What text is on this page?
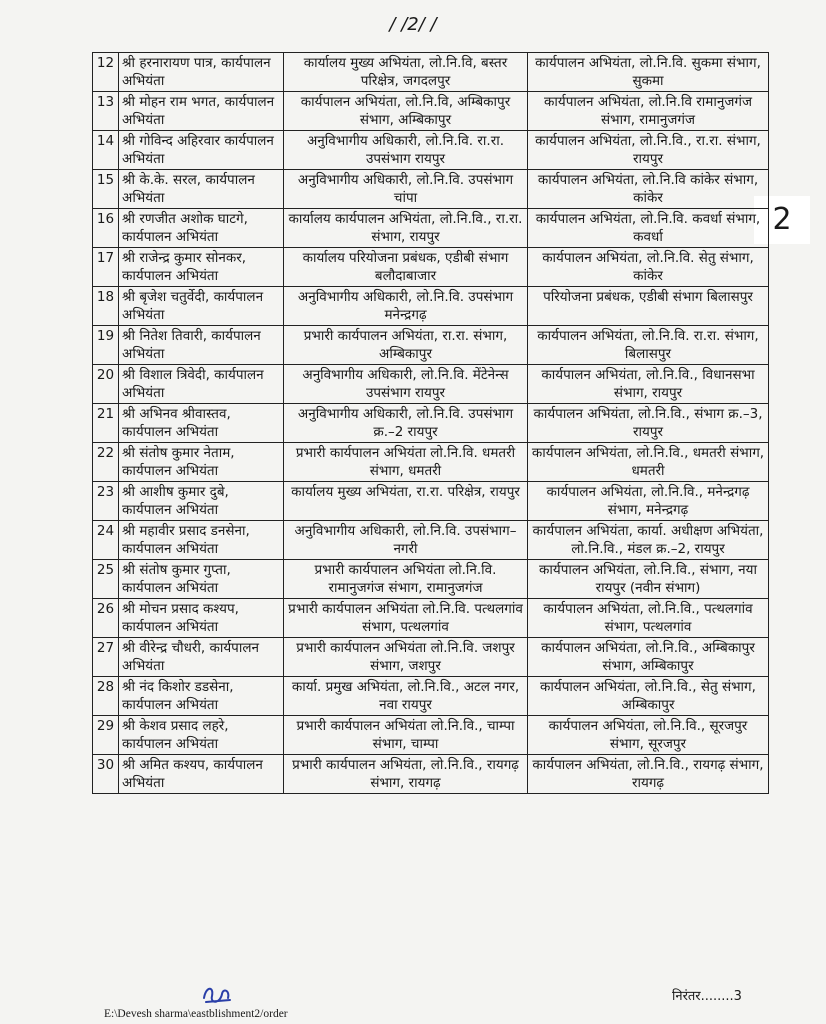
/ /2/ /
2
12	श्री हरनारायण पात्र, कार्यपालन अभियंता	कार्यालय मुख्य अभियंता, लो.नि.वि, बस्तर परिक्षेत्र, जगदलपुर	कार्यपालन अभियंता, लो.नि.वि. सुकमा संभाग, सुकमा
13	श्री मोहन राम भगत, कार्यपालन अभियंता	कार्यपालन अभियंता, लो.नि.वि, अम्बिकापुर संभाग, अम्बिकापुर	कार्यपालन अभियंता, लो.नि.वि रामानुजगंज संभाग, रामानुजगंज
14	श्री गोविन्द अहिरवार कार्यपालन अभियंता	अनुविभागीय अधिकारी, लो.नि.वि. रा.रा. उपसंभाग रायपुर	कार्यपालन अभियंता, लो.नि.वि., रा.रा. संभाग, रायपुर
15	श्री के.के. सरल, कार्यपालन अभियंता	अनुविभागीय अधिकारी, लो.नि.वि. उपसंभाग चांपा	कार्यपालन अभियंता, लो.नि.वि कांकेर संभाग, कांकेर
16	श्री रणजीत अशोक घाटगे, कार्यपालन अभियंता	कार्यालय कार्यपालन अभियंता, लो.नि.वि., रा.रा. संभाग, रायपुर	कार्यपालन अभियंता, लो.नि.वि. कवर्धा संभाग, कवर्धा
17	श्री राजेन्द्र कुमार सोनकर, कार्यपालन अभियंता	कार्यालय परियोजना प्रबंधक, एडीबी संभाग बलौदाबाजार	कार्यपालन अभियंता, लो.नि.वि. सेतु संभाग, कांकेर
18	श्री बृजेश चतुर्वेदी, कार्यपालन अभियंता	अनुविभागीय अधिकारी, लो.नि.वि. उपसंभाग मनेन्द्रगढ़	परियोजना प्रबंधक, एडीबी संभाग बिलासपुर
19	श्री नितेश तिवारी, कार्यपालन अभियंता	प्रभारी कार्यपालन अभियंता, रा.रा. संभाग, अम्बिकापुर	कार्यपालन अभियंता, लो.नि.वि. रा.रा. संभाग, बिलासपुर
20	श्री विशाल त्रिवेदी, कार्यपालन अभियंता	अनुविभागीय अधिकारी, लो.नि.वि. मेंटेनेन्स उपसंभाग रायपुर	कार्यपालन अभियंता, लो.नि.वि., विधानसभा संभाग, रायपुर
21	श्री अभिनव श्रीवास्तव, कार्यपालन अभियंता	अनुविभागीय अधिकारी, लो.नि.वि. उपसंभाग क्र.–2 रायपुर	कार्यपालन अभियंता, लो.नि.वि., संभाग क्र.–3, रायपुर
22	श्री संतोष कुमार नेताम, कार्यपालन अभियंता	प्रभारी कार्यपालन अभियंता लो.नि.वि. धमतरी संभाग, धमतरी	कार्यपालन अभियंता, लो.नि.वि., धमतरी संभाग, धमतरी
23	श्री आशीष कुमार दुबे, कार्यपालन अभियंता	कार्यालय मुख्य अभियंता, रा.रा. परिक्षेत्र, रायपुर	कार्यपालन अभियंता, लो.नि.वि., मनेन्द्रगढ़ संभाग, मनेन्द्रगढ़
24	श्री महावीर प्रसाद डनसेना, कार्यपालन अभियंता	अनुविभागीय अधिकारी, लो.नि.वि. उपसंभाग–नगरी	कार्यपालन अभियंता, कार्या. अधीक्षण अभियंता, लो.नि.वि., मंडल क्र.–2, रायपुर
25	श्री संतोष कुमार गुप्ता, कार्यपालन अभियंता	प्रभारी कार्यपालन अभियंता लो.नि.वि. रामानुजगंज संभाग, रामानुजगंज	कार्यपालन अभियंता, लो.नि.वि., संभाग, नया रायपुर (नवीन संभाग)
26	श्री मोचन प्रसाद कश्यप, कार्यपालन अभियंता	प्रभारी कार्यपालन अभियंता लो.नि.वि. पत्थलगांव संभाग, पत्थलगांव	कार्यपालन अभियंता, लो.नि.वि., पत्थलगांव संभाग, पत्थलगांव
27	श्री वीरेन्द्र चौधरी, कार्यपालन अभियंता	प्रभारी कार्यपालन अभियंता लो.नि.वि. जशपुर संभाग, जशपुर	कार्यपालन अभियंता, लो.नि.वि., अम्बिकापुर संभाग, अम्बिकापुर
28	श्री नंद किशोर डडसेना, कार्यपालन अभियंता	कार्या. प्रमुख अभियंता, लो.नि.वि., अटल नगर, नवा रायपुर	कार्यपालन अभियंता, लो.नि.वि., सेतु संभाग, अम्बिकापुर
29	श्री केशव प्रसाद लहरे, कार्यपालन अभियंता	प्रभारी कार्यपालन अभियंता लो.नि.वि., चाम्पा संभाग, चाम्पा	कार्यपालन अभियंता, लो.नि.वि., सूरजपुर संभाग, सूरजपुर
30	श्री अमित कश्यप, कार्यपालन अभियंता	प्रभारी कार्यपालन अभियंता, लो.नि.वि., रायगढ़ संभाग, रायगढ़	कार्यपालन अभियंता, लो.नि.वि., रायगढ़ संभाग, रायगढ़
निरंतर........3
E:\Devesh sharma\eastblishment2/order
